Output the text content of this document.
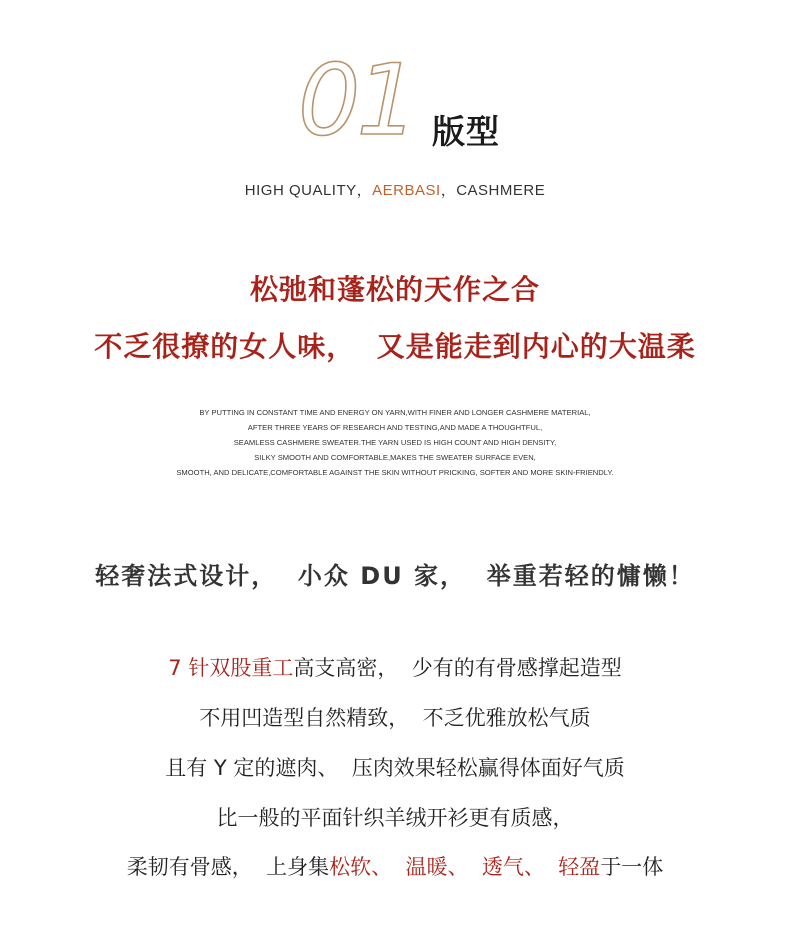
01 版型
HIGH QUALITY，AERBASI，CASHMERE
松弛和蓬松的天作之合
不乏很撩的女人味，  又是能走到内心的大温柔
BY PUTTING IN CONSTANT TIME AND ENERGY ON YARN,WITH FINER AND LONGER CASHMERE MATERIAL,
AFTER THREE YEARS OF RESEARCH AND TESTING,AND MADE A THOUGHTFUL,
SEAMLESS CASHMERE SWEATER.THE YARN USED IS HIGH COUNT AND HIGH DENSITY,
SILKY SMOOTH AND COMFORTABLE,MAKES THE SWEATER SURFACE EVEN,
SMOOTH, AND DELICATE,COMFORTABLE AGAINST THE SKIN WITHOUT PRICKING, SOFTER AND MORE SKIN-FRIENDLY.
轻奢法式设计，  小众 DU 家，  举重若轻的慵懒！
7 针双股重工高支高密，  少有的有骨感撑起造型
不用凹造型自然精致，  不乏优雅放松气质
且有 Y 定的遮肉、  压肉效果轻松赢得体面好气质
比一般的平面针织羊绒开衫更有质感，
柔韧有骨感，  上身集松软、 温暖、 透气、 轻盈于一体
